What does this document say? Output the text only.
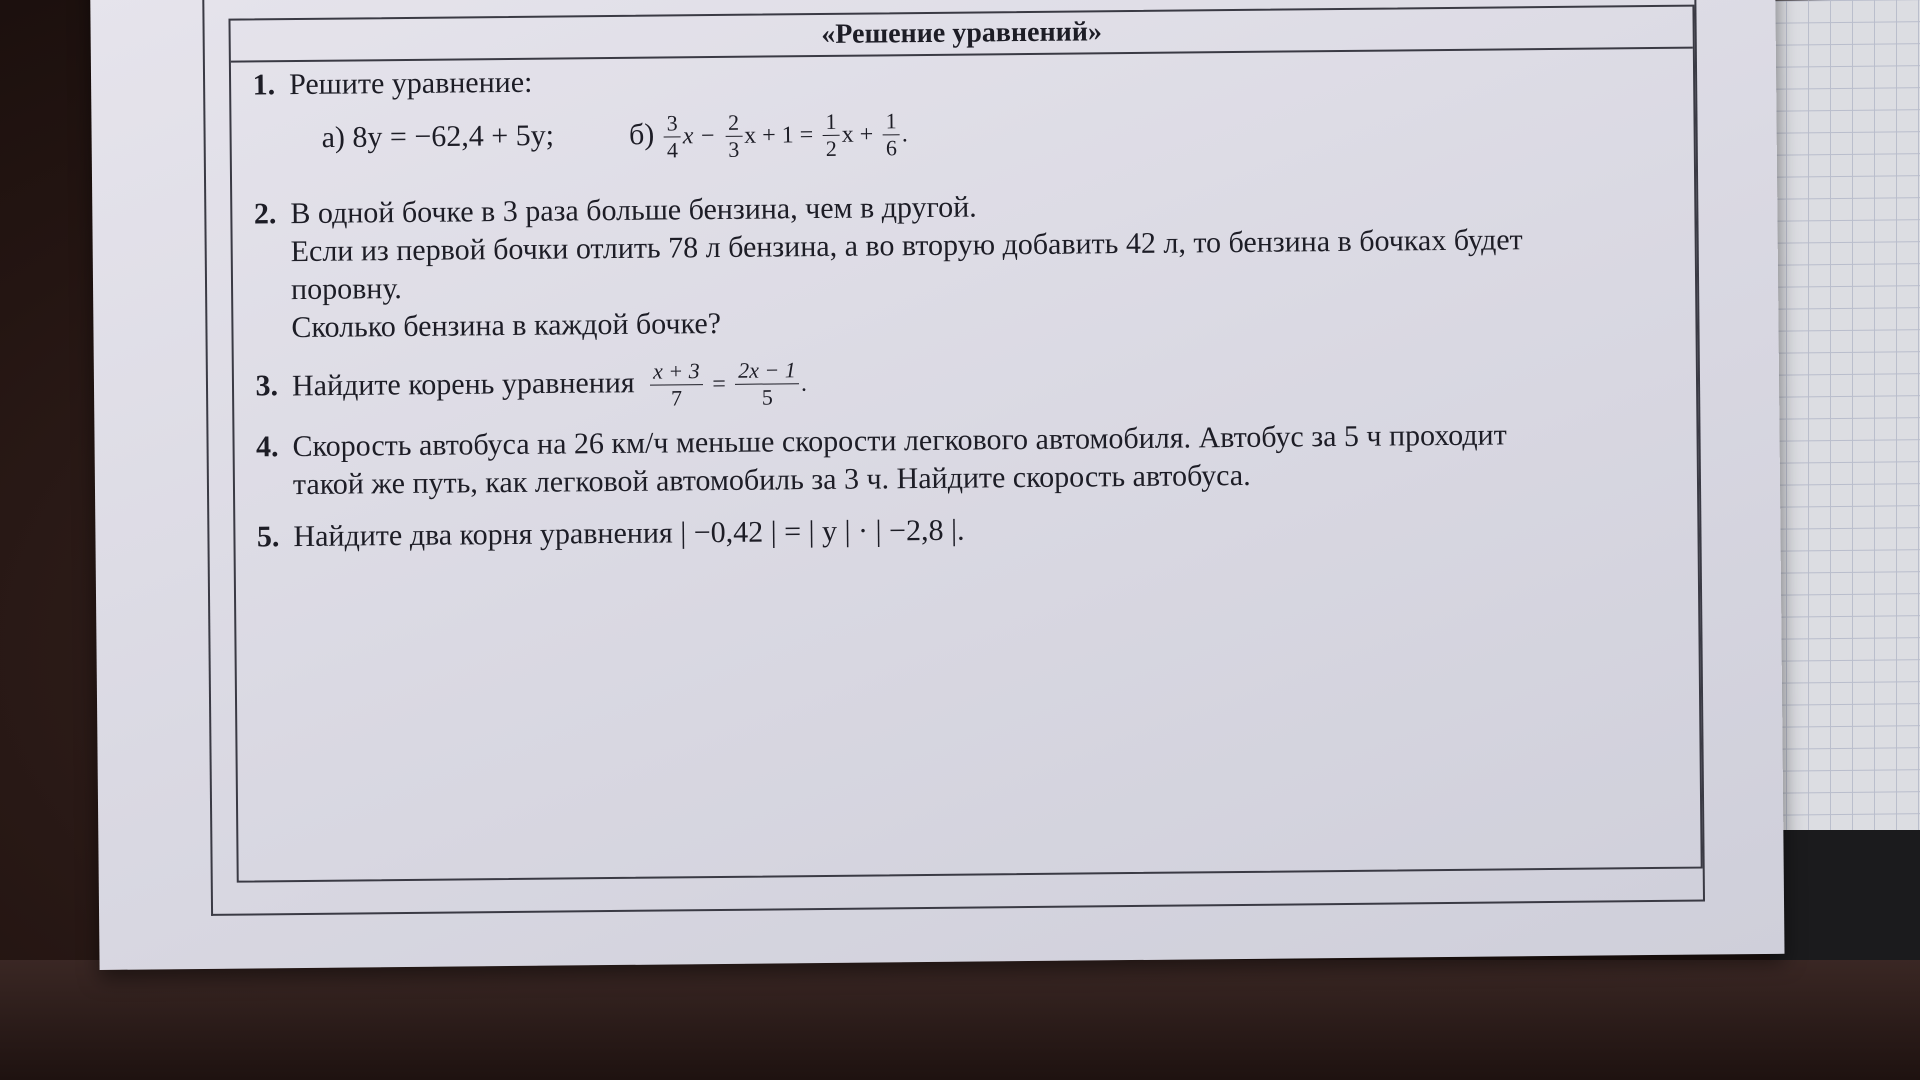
«Решение уравнений»
1. Решите уравнение:
а) 8y = −62,4 + 5y; $б) \frac{3}{4}$ $x - \frac{2}{3}$ $x + 1 = \frac{1}{2}$ $x + \frac{1}{6}$ .
2. В одной бочке в 3 раза больше бензина, чем в другой.
Если из первой бочки отлить 78 л бензина, а во вторую добавить 42 л, то бензина в бочках будет
поровну.
Сколько бензина в каждой бочке?
3. Найдите корень уравнения $\frac{x + 3}{7} = \frac{2x - 1}{5}$ .
4. Скорость автобуса на 26 км/ч меньше скорости легкового автомобиля. Автобус за 5 ч проходит
такой же путь, как легковой автомобиль за 3 ч. Найдите скорость автобуса.
5. Найдите два корня уравнения | −0,42 | = | y | · | −2,8 |.
